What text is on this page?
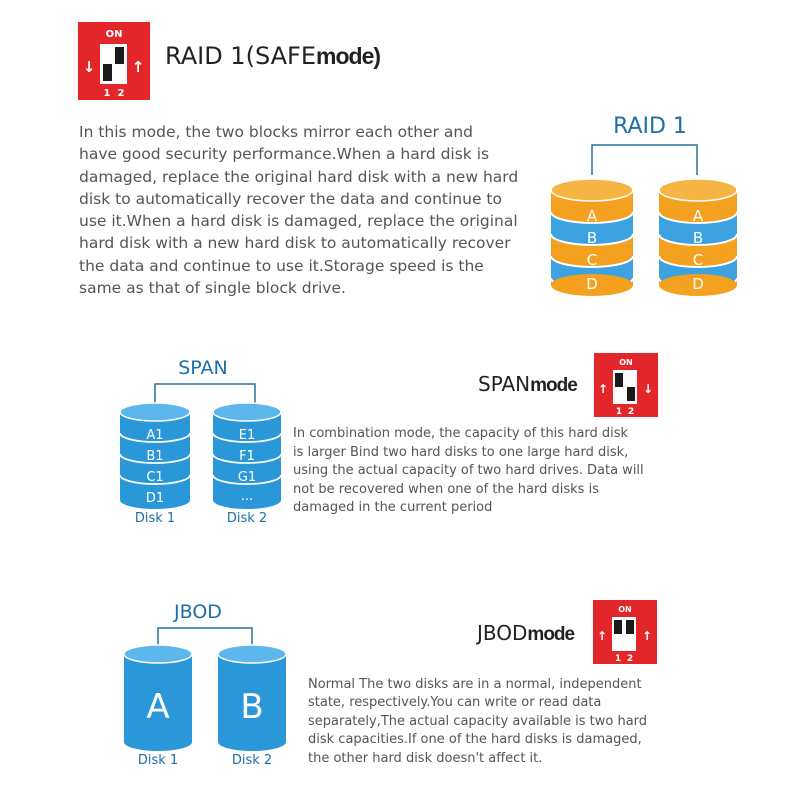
ON
↓ ↑
1 2
RAID 1(SAFEmode)
In this mode, the two blocks mirror each other and
have good security performance.When a hard disk is
damaged, replace the original hard disk with a new hard
disk to automatically recover the data and continue to
use it.When a hard disk is damaged, replace the original
hard disk with a new hard disk to automatically recover
the data and continue to use it.Storage speed is the
same as that of single block drive.
RAID 1
A
B
C
D
A
B
C
D
SPAN
A1
B1
C1
D1
E1
F1
G1
...
Disk 1	Disk 2
SPANmode
ON
↑	↓
1 2
In combination mode, the capacity of this hard disk
is larger Bind two hard disks to one large hard disk,
using the actual capacity of two hard drives. Data will
not be recovered when one of the hard disks is
damaged in the current period
JBOD
A B
Disk 1	Disk 2
JBODmode
ON
↑	↑
1 2
Normal The two disks are in a normal, independent
state, respectively.You can write or read data
separately,The actual capacity available is two hard
disk capacities.If one of the hard disks is damaged,
the other hard disk doesn't affect it.
